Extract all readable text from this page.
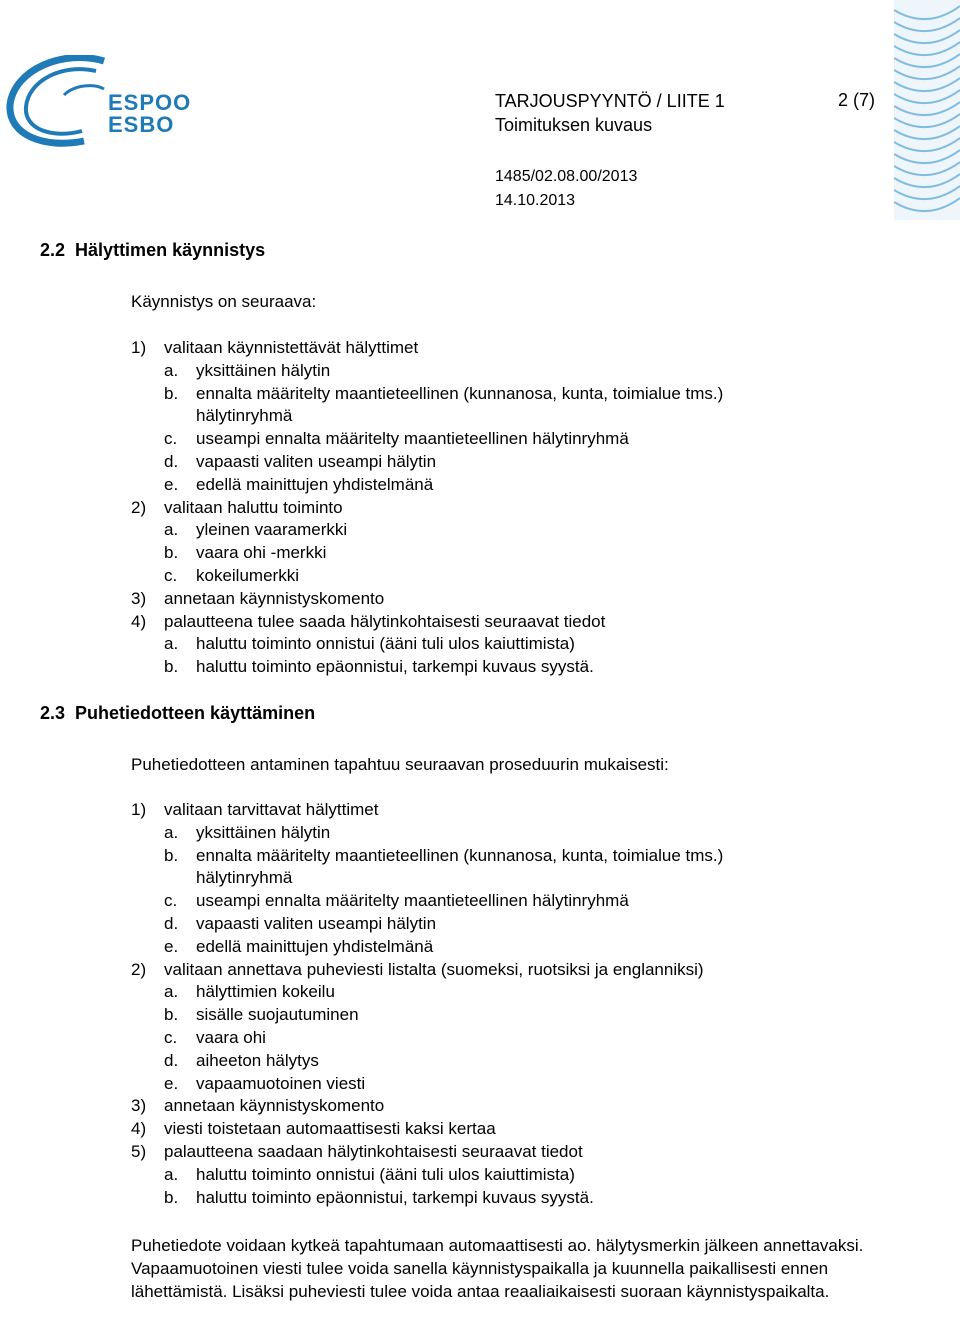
ESPOO
ESBO
TARJOUSPYYNTÖ / LIITE 1
Toimituksen kuvaus
2 (7)
1485/02.08.00/2013
14.10.2013
2.2 Hälyttimen käynnistys
Käynnistys on seuraava:
1)	valitaan käynnistettävät hälyttimet
a.	yksittäinen hälytin
b.	ennalta määritelty maantieteellinen (kunnanosa, kunta, toimialue tms.)
hälytinryhmä
c.	useampi ennalta määritelty maantieteellinen hälytinryhmä
d.	vapaasti valiten useampi hälytin
e.	edellä mainittujen yhdistelmänä
2)	valitaan haluttu toiminto
a.	yleinen vaaramerkki
b.	vaara ohi -merkki
c.	kokeilumerkki
3)	annetaan käynnistyskomento
4)	palautteena tulee saada hälytinkohtaisesti seuraavat tiedot
a.	haluttu toiminto onnistui (ääni tuli ulos kaiuttimista)
b.	haluttu toiminto epäonnistui, tarkempi kuvaus syystä.
2.3 Puhetiedotteen käyttäminen
Puhetiedotteen antaminen tapahtuu seuraavan proseduurin mukaisesti:
1)	valitaan tarvittavat hälyttimet
a.	yksittäinen hälytin
b.	ennalta määritelty maantieteellinen (kunnanosa, kunta, toimialue tms.)
hälytinryhmä
c.	useampi ennalta määritelty maantieteellinen hälytinryhmä
d.	vapaasti valiten useampi hälytin
e.	edellä mainittujen yhdistelmänä
2)	valitaan annettava puheviesti listalta (suomeksi, ruotsiksi ja englanniksi)
a.	hälyttimien kokeilu
b.	sisälle suojautuminen
c.	vaara ohi
d.	aiheeton hälytys
e.	vapaamuotoinen viesti
3)	annetaan käynnistyskomento
4)	viesti toistetaan automaattisesti kaksi kertaa
5)	palautteena saadaan hälytinkohtaisesti seuraavat tiedot
a.	haluttu toiminto onnistui (ääni tuli ulos kaiuttimista)
b.	haluttu toiminto epäonnistui, tarkempi kuvaus syystä.
Puhetiedote voidaan kytkeä tapahtumaan automaattisesti ao. hälytysmerkin jälkeen annettavaksi. Vapaamuotoinen viesti tulee voida sanella käynnistyspaikalla ja kuunnella paikallisesti ennen lähettämistä. Lisäksi puheviesti tulee voida antaa reaaliaikaisesti suoraan käynnistyspaikalta.
